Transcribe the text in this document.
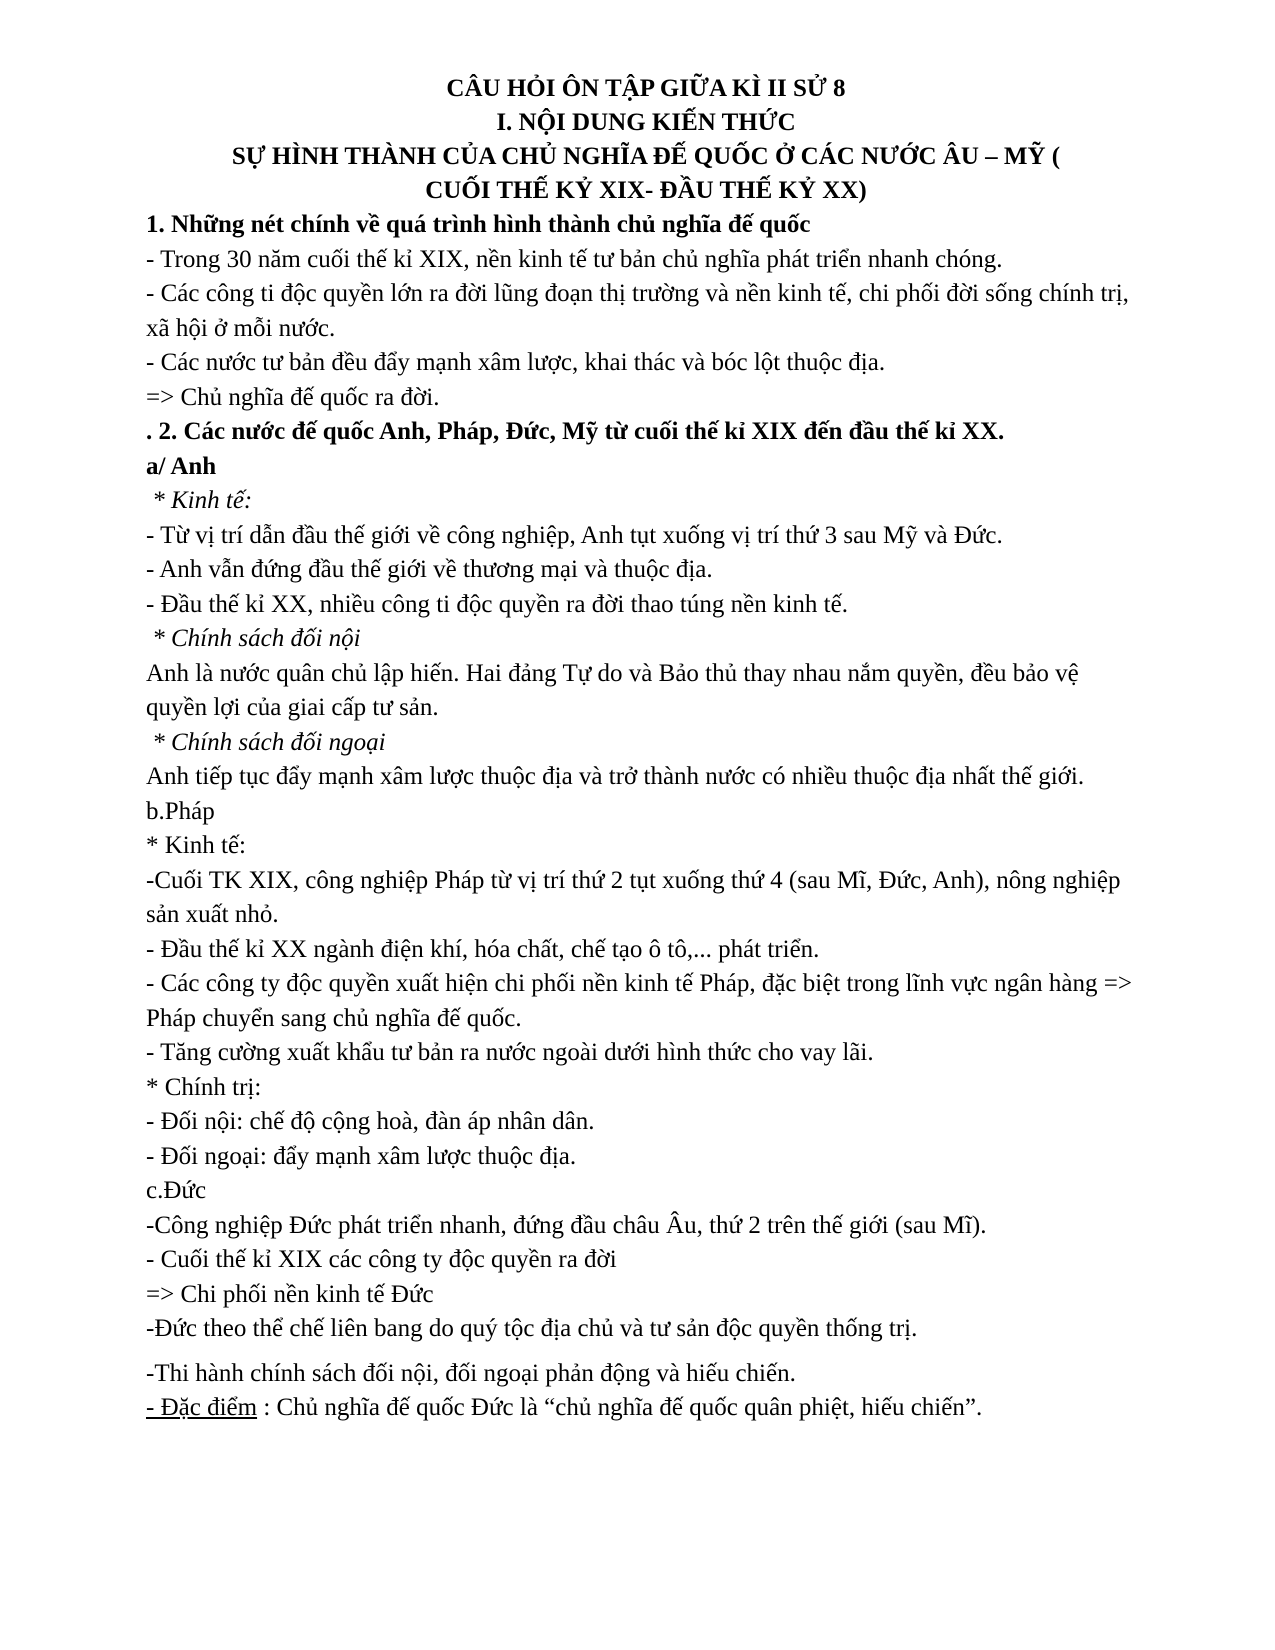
CÂU HỎI ÔN TẬP GIỮA KÌ II SỬ 8
I. NỘI DUNG KIẾN THỨC
SỰ HÌNH THÀNH CỦA CHỦ NGHĨA ĐẾ QUỐC Ở CÁC NƯỚC ÂU – MỸ (
CUỐI THẾ KỶ XIX- ĐẦU THẾ KỶ XX)

1. Những nét chính về quá trình hình thành chủ nghĩa đế quốc

- Trong 30 năm cuối thế kỉ XIX, nền kinh tế tư bản chủ nghĩa phát triển nhanh chóng.

- Các công ti độc quyền lớn ra đời lũng đoạn thị trường và nền kinh tế, chi phối đời sống chính trị, xã hội ở mỗi nước.

- Các nước tư bản đều đẩy mạnh xâm lược, khai thác và bóc lột thuộc địa.

=> Chủ nghĩa đế quốc ra đời.

. 2. Các nước đế quốc Anh, Pháp, Đức, Mỹ từ cuối thế kỉ XIX đến đầu thế kỉ XX.

a/ Anh

* Kinh tế:

- Từ vị trí dẫn đầu thế giới về công nghiệp, Anh tụt xuống vị trí thứ 3 sau Mỹ và Đức.

- Anh vẫn đứng đầu thế giới về thương mại và thuộc địa.

- Đầu thế kỉ XX, nhiều công ti độc quyền ra đời thao túng nền kinh tế.

* Chính sách đối nội

Anh là nước quân chủ lập hiến. Hai đảng Tự do và Bảo thủ thay nhau nắm quyền, đều bảo vệ quyền lợi của giai cấp tư sản.

* Chính sách đối ngoại

Anh tiếp tục đẩy mạnh xâm lược thuộc địa và trở thành nước có nhiều thuộc địa nhất thế giới.

b.Pháp

* Kinh tế:

-Cuối TK XIX, công nghiệp Pháp từ vị trí thứ 2 tụt xuống thứ 4 (sau Mĩ, Đức, Anh), nông nghiệp sản xuất nhỏ.

- Đầu thế kỉ XX ngành điện khí, hóa chất, chế tạo ô tô,... phát triển.

- Các công ty độc quyền xuất hiện chi phối nền kinh tế Pháp, đặc biệt trong lĩnh vực ngân hàng => Pháp chuyển sang chủ nghĩa đế quốc.

- Tăng cường xuất khẩu tư bản ra nước ngoài dưới hình thức cho vay lãi.

* Chính trị:

- Đối nội: chế độ cộng hoà, đàn áp nhân dân.

- Đối ngoại: đẩy mạnh xâm lược thuộc địa.

c.Đức

-Công nghiệp Đức phát triển nhanh, đứng đầu châu Âu, thứ 2 trên thế giới (sau Mĩ).

- Cuối thế kỉ XIX các công ty độc quyền ra đời

=> Chi phối nền kinh tế Đức

-Đức theo thể chế liên bang do quý tộc địa chủ và tư sản độc quyền thống trị.

-Thi hành chính sách đối nội, đối ngoại phản động và hiếu chiến.

- Đặc điểm : Chủ nghĩa đế quốc Đức là “chủ nghĩa đế quốc quân phiệt, hiếu chiến”.
